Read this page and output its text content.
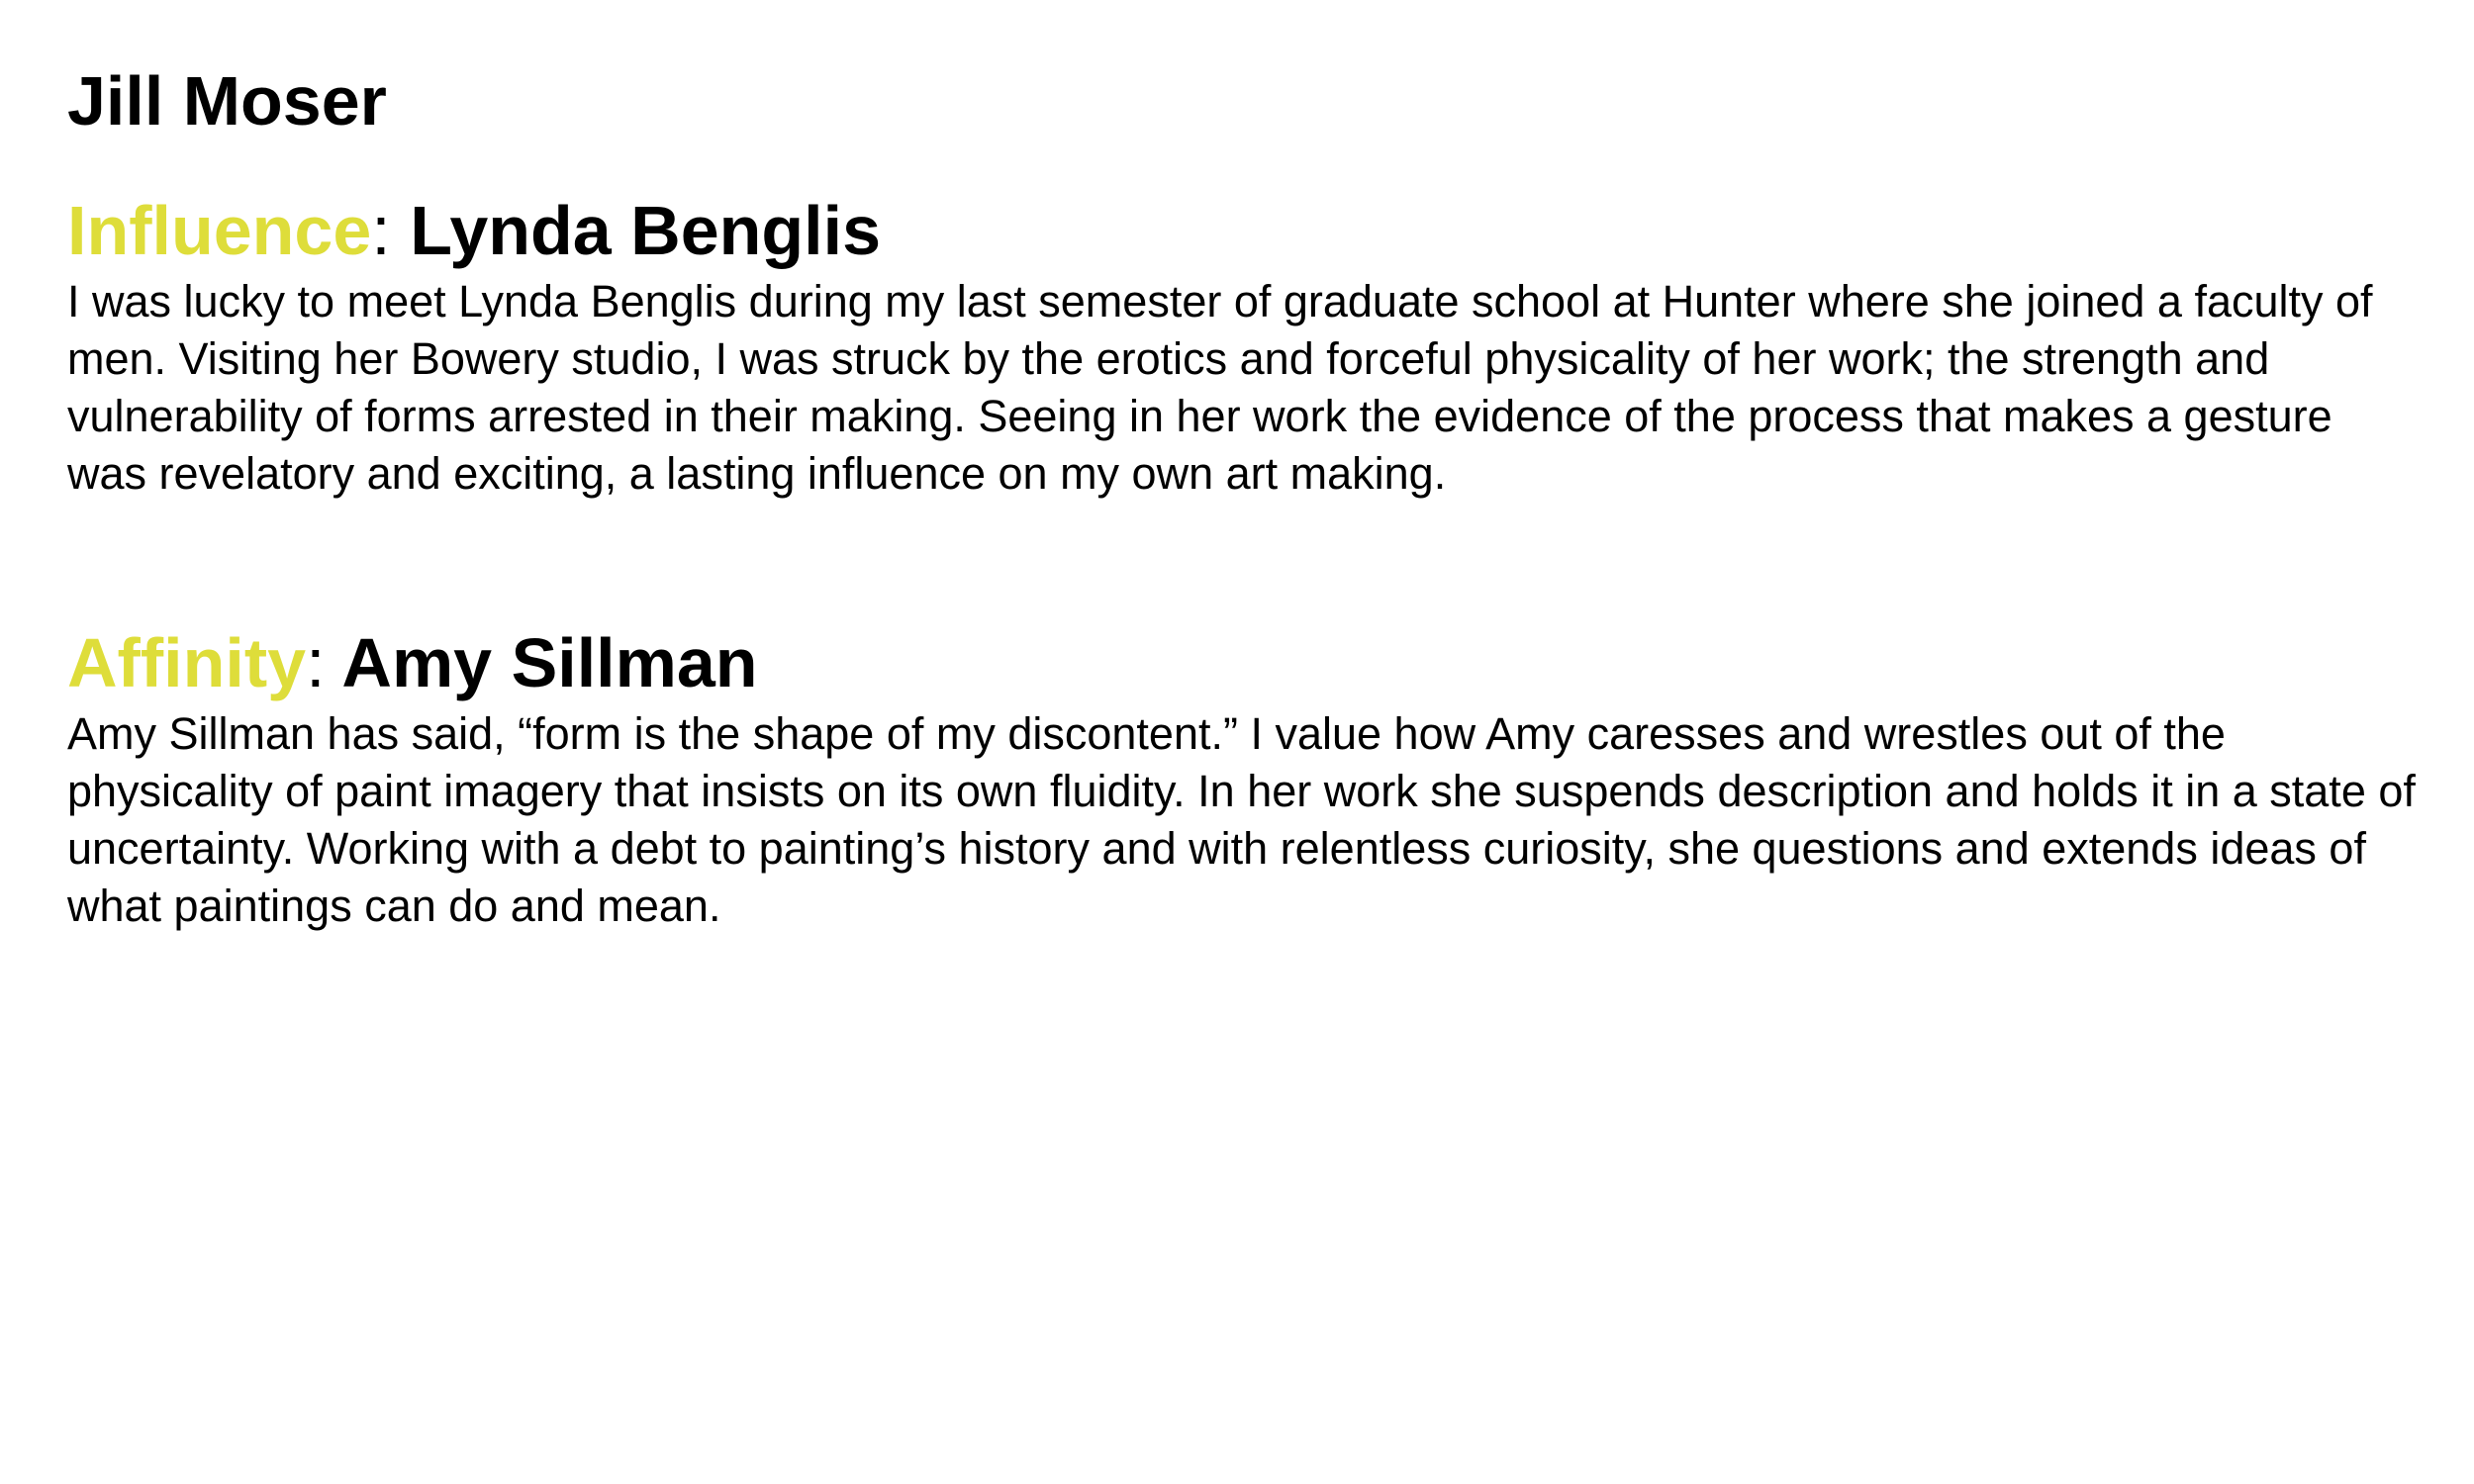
Jill Moser
Influence: Lynda Benglis

I was lucky to meet Lynda Benglis during my last semester of graduate school at Hunter where she joined a faculty of men. Visiting her Bowery studio, I was struck by the erotics and forceful physicality of her work; the strength and vulnerability of forms arrested in their making. Seeing in her work the evidence of the process that makes a gesture was revelatory and exciting, a lasting influence on my own art making.

Affinity: Amy Sillman

Amy Sillman has said, “form is the shape of my discontent.” I value how Amy caresses and wrestles out of the physicality of paint imagery that insists on its own fluidity. In her work she suspends description and holds it in a state of uncertainty. Working with a debt to painting’s history and with relentless curiosity, she questions and extends ideas of what paintings can do and mean.
